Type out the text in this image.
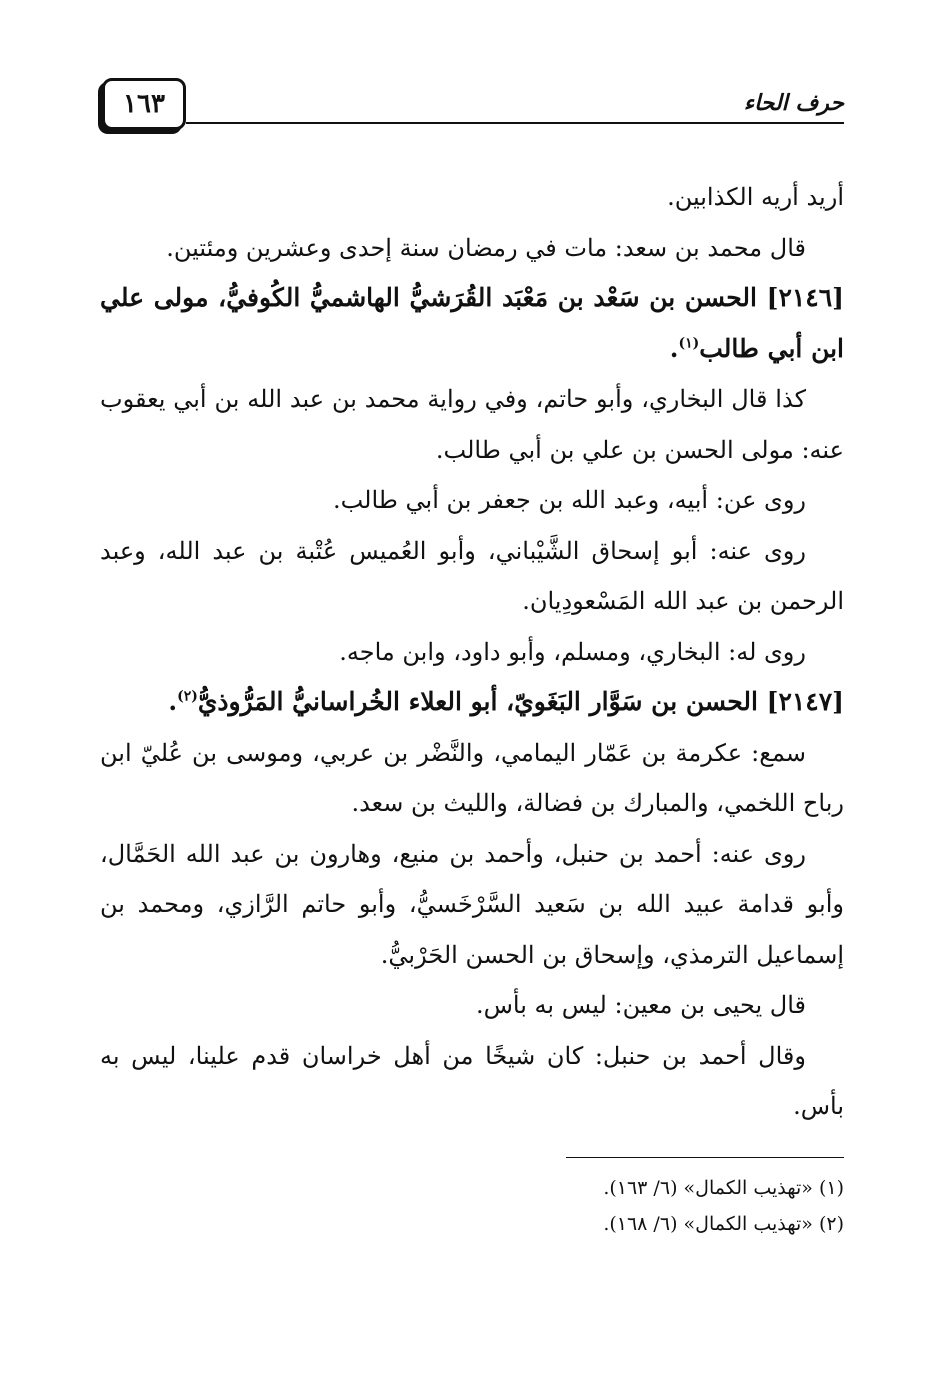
١٦٣	حرف الحاء

أريد أريه الكذابين.

قال محمد بن سعد: مات في رمضان سنة إحدى وعشرين ومئتين.

[٢١٤٦] الحسن بن سَعْد بن مَعْبَد القُرَشيُّ الهاشميُّ الكُوفيُّ، مولى علي ابن أبي طالب$^{(١)}$.

كذا قال البخاري، وأبو حاتم، وفي رواية محمد بن عبد الله بن أبي يعقوب عنه: مولى الحسن بن علي بن أبي طالب.

روى عن: أبيه، وعبد الله بن جعفر بن أبي طالب.

روى عنه: أبو إسحاق الشَّيْباني، وأبو العُميس عُتْبة بن عبد الله، وعبد الرحمن بن عبد الله المَسْعودِيان.

روى له: البخاري، ومسلم، وأبو داود، وابن ماجه.

[٢١٤٧] الحسن بن سَوَّار البَغَويّ، أبو العلاء الخُراسانيُّ المَرُّوذيُّ$^{(٢)}$.

سمع: عكرمة بن عَمّار اليمامي، والنَّضْر بن عربي، وموسى بن عُليّ ابن رباح اللخمي، والمبارك بن فضالة، والليث بن سعد.

روى عنه: أحمد بن حنبل، وأحمد بن منيع، وهارون بن عبد الله الحَمَّال، وأبو قدامة عبيد الله بن سَعيد السَّرْخَسيُّ، وأبو حاتم الرَّازي، ومحمد بن إسماعيل الترمذي، وإسحاق بن الحسن الحَرْبيُّ.

قال يحيى بن معين: ليس به بأس.

وقال أحمد بن حنبل: كان شيخًا من أهل خراسان قدم علينا، ليس به بأس.

(١) «تهذيب الكمال» (٦/ ١٦٣).

(٢) «تهذيب الكمال» (٦/ ١٦٨).
